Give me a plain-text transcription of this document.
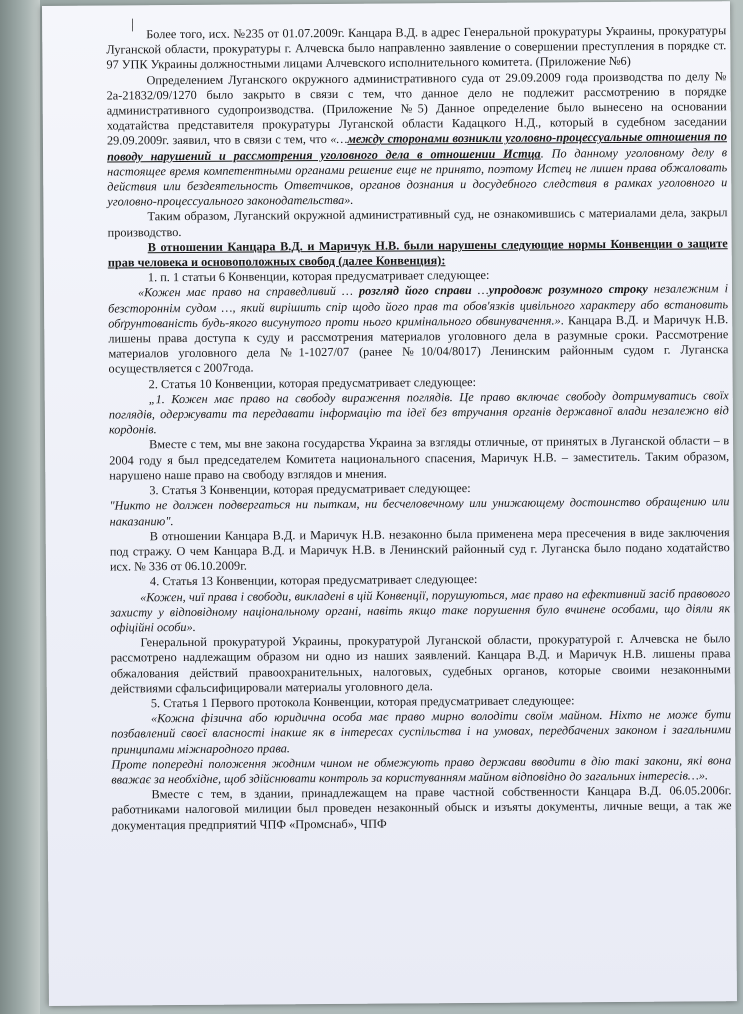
| Более того, исх. №235 от 01.07.2009г. Канцара В.Д. в адрес Генеральной прокуратуры Украины, прокуратуры Луганской области, прокуратуры г. Алчевска было направленно заявление о совершении преступления в порядке ст. 97 УПК Украины должностными лицами Алчевского исполнительного комитета. (Приложение №6)

Определением Луганского окружного административного суда от 29.09.2009 года производства по делу № 2а-21832/09/1270 было закрыто в связи с тем, что данное дело не подлежит рассмотрению в порядке административного судопроизводства. (Приложение №5) Данное определение было вынесено на основании ходатайства представителя прокуратуры Луганской области Кадацкого Н.Д., который в судебном заседании 29.09.2009г. заявил, что в связи с тем, что «…между сторонами возникли уголовно-процессуальные отношения по поводу нарушений и рассмотрения уголовного дела в отношении Истца. По данному уголовному делу в настоящее время компетентными органами решение еще не принято, поэтому Истец не лишен права обжаловать действия или бездеятельность Ответчиков, органов дознания и досудебного следствия в рамках уголовного и уголовно-процессуального законодательства».

Таким образом, Луганский окружной административный суд, не ознакомившись с материалами дела, закрыл производство.

В отношении Канцара В.Д. и Маричук Н.В. были нарушены следующие нормы Конвенции о защите прав человека и основоположных свобод (далее Конвенция):

1. п. 1 статьи 6 Конвенции, которая предусматривает следующее:

«Кожен має право на справедливий … розгляд його справи …упродовж розумного строку незалежним і безстороннім судом …, який вирішить спір щодо його прав та обов'язків цивільного характеру або встановить обґрунтованість будь-якого висунутого проти нього кримінального обвинувачення.». Канцара В.Д. и Маричук Н.В. лишены права доступа к суду и рассмотрения материалов уголовного дела в разумные сроки. Рассмотрение материалов уголовного дела №1-1027/07 (ранее №10/04/8017) Ленинским районным судом г. Луганска осуществляется с 2007года.

2. Статья 10 Конвенции, которая предусматривает следующее:

„1. Кожен має право на свободу вираження поглядів. Це право включає свободу дотримуватись своїх поглядів, одержувати та передавати інформацію та ідеї без втручання органів державної влади незалежно від кордонів.

Вместе с тем, мы вне закона государства Украина за взгляды отличные, от принятых в Луганской области – в 2004 году я был председателем Комитета национального спасения, Маричук Н.В. – заместитель. Таким образом, нарушено наше право на свободу взглядов и мнения.

3. Статья 3 Конвенции, которая предусматривает следующее:

"Никто не должен подвергаться ни пыткам, ни бесчеловечному или унижающему достоинство обращению или наказанию".

В отношении Канцара В.Д. и Маричук Н.В. незаконно была применена мера пресечения в виде заключения под стражу. О чем Канцара В.Д. и Маричук Н.В. в Ленинский районный суд г. Луганска было подано ходатайство исх. № 336 от 06.10.2009г.

4. Статья 13 Конвенции, которая предусматривает следующее:

«Кожен, чиї права і свободи, викладені в цій Конвенції, порушуються, має право на ефективний засіб правового захисту у відповідному національному органі, навіть якщо таке порушення було вчинене особами, що діяли як офіційні особи».

Генеральной прокуратурой Украины, прокуратурой Луганской области, прокуратурой г. Алчевска не было рассмотрено надлежащим образом ни одно из наших заявлений. Канцара В.Д. и Маричук Н.В. лишены права обжалования действий правоохранительных, налоговых, судебных органов, которые своими незаконными действиями сфальсифицировали материалы уголовного дела.

5. Статья 1 Первого протокола Конвенции, которая предусматривает следующее:

«Кожна фізична або юридична особа має право мирно володіти своїм майном. Ніхто не може бути позбавлений своєї власності інакше як в інтересах суспільства і на умовах, передбачених законом і загальними принципами міжнародного права.

Проте попередні положення жодним чином не обмежують право держави вводити в дію такі закони, які вона вважає за необхідне, щоб здійснювати контроль за користуванням майном відповідно до загальних інтересів…».

Вместе с тем, в здании, принадлежащем на праве частной собственности Канцара В.Д. 06.05.2006г. работниками налоговой милиции был проведен незаконный обыск и изъяты документы, личные вещи, а так же документация предприятий ЧПФ «Промснаб», ЧПФ
